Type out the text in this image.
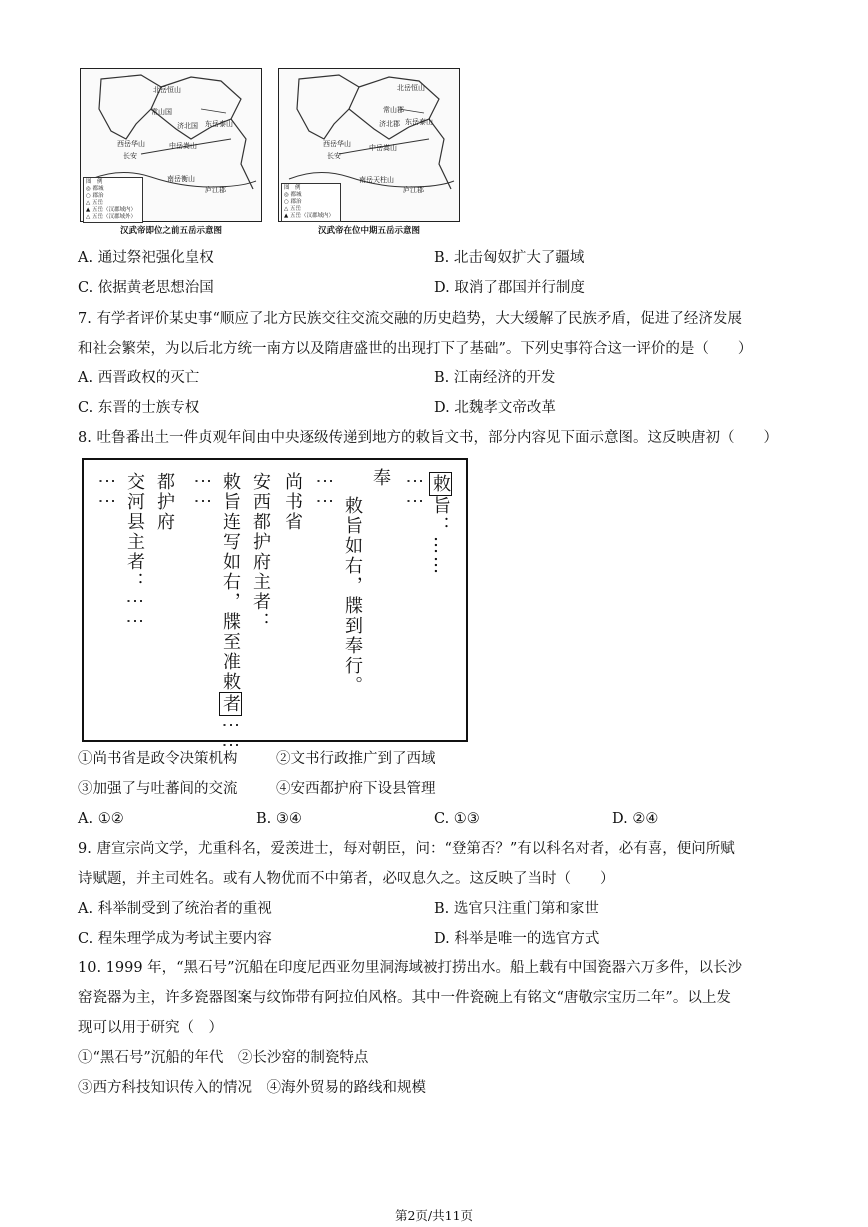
北岳恒山
常山国
济北国 东岳泰山
西岳华山	中岳嵩山
长安
南岳衡山
庐江郡
图　例
◎ 都城
○ 郡治
△ 五岳
▲ 五岳（汉郡域内）
△ 五岳（汉郡域外）
汉武帝即位之前五岳示意图
北岳恒山
常山郡
济北郡 东岳泰山
西岳华山	中岳嵩山
长安
南岳天柱山
庐江郡
图　例
◎ 都城
○ 郡治
△ 五岳
▲ 五岳（汉郡域内）
汉武帝在位中期五岳示意图
A. 通过祭祀强化皇权	B. 北击匈奴扩大了疆域
C. 依据黄老思想治国	D. 取消了郡国并行制度
7. 有学者评价某史事“顺应了北方民族交往交流交融的历史趋势，大大缓解了民族矛盾，促进了经济发展
和社会繁荣，为以后北方统一南方以及隋唐盛世的出现打下了基础”。下列史事符合这一评价的是（　　）
A. 西晋政权的灭亡	B. 江南经济的开发
C. 东晋的士族专权	D. 北魏孝文帝改革
8. 吐鲁番出土一件贞观年间由中央逐级传递到地方的敕旨文书，部分内容见下面示意图。这反映唐初（　　）
敕旨：……
⋮⋮
奉
敕旨如右，牒到奉行。
⋮⋮
尚书省
安西都护府主者：
敕旨连写如右，牒至准敕者⋮⋮
⋮⋮
都护府
交河县主者：⋮⋮
⋮⋮
①尚书省是政令决策机构	②文书行政推广到了西域
③加强了与吐蕃间的交流	④安西都护府下设县管理
A. ①②	B. ③④	C. ①③	D. ②④
9. 唐宣宗尚文学，尤重科名，爱羡进士，每对朝臣，问：“登第否？”有以科名对者，必有喜，便问所赋
诗赋题，并主司姓名。或有人物优而不中第者，必叹息久之。这反映了当时（　　）
A. 科举制受到了统治者的重视	B. 选官只注重门第和家世
C. 程朱理学成为考试主要内容	D. 科举是唯一的选官方式
10. 1999 年，“黑石号”沉船在印度尼西亚勿里洞海域被打捞出水。船上载有中国瓷器六万多件，以长沙
窑瓷器为主，许多瓷器图案与纹饰带有阿拉伯风格。其中一件瓷碗上有铭文“唐敬宗宝历二年”。以上发
现可以用于研究（　）
①“黑石号”沉船的年代　②长沙窑的制瓷特点
③西方科技知识传入的情况　④海外贸易的路线和规模
第2页/共11页
